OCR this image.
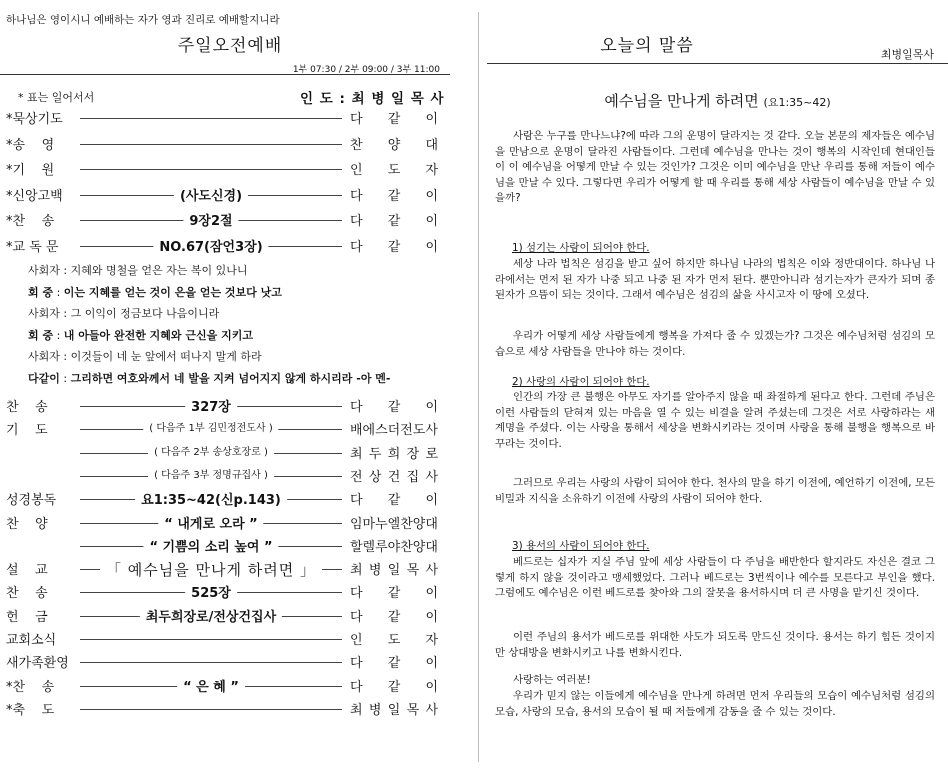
하나님은 영이시니 예배하는 자가 영과 진리로 예배할지니라
주일오전예배
1부 07:30 / 2부 09:00 / 3부 11:00
* 표는 일어서서	인 도 : 최 병 일 목 사
*묵상기도	다 같 이
*송    영	찬 양 대
*기    원	인 도 자
*신앙고백	(사도신경)	다 같 이
*찬    송	9장2절	다 같 이
*교 독 문	NO.67(잠언3장)	다 같 이
사회자 : 지혜와 명철을 얻은 자는 복이 있나니
회 중 : 이는 지혜를 얻는 것이 은을 얻는 것보다 낫고
사회자 : 그 이익이 정금보다 나음이니라
회 중 : 내 아들아 완전한 지혜와 근신을 지키고
사회자 : 이것들이 네 눈 앞에서 떠나지 말게 하라
다같이 : 그리하면 여호와께서 네 발을 지켜 넘어지지 않게 하시리라 -아 멘-
찬    송	327장	다 같 이
기    도	( 다음주 1부 김민정전도사 )	배에스더전도사
( 다음주 2부 송상호장로 )	최 두 희 장 로
( 다음주 3부 정명규집사 )	전 상 건 집 사
성경봉독	요1:35~42(신p.143)	다 같 이
찬    양	“ 내게로 오라 ”	임마누엘찬양대
“ 기쁨의 소리 높여 ”	할렐루야찬양대
설    교	「 예수님을 만나게 하려면 」	최 병 일 목 사
찬    송	525장	다 같 이
헌    금	최두희장로/전상건집사	다 같 이
교회소식	인 도 자
새가족환영	다 같 이
*찬    송	“ 은 혜 ”	다 같 이
*축    도	최 병 일 목 사
오늘의 말씀	최병일목사
예수님을 만나게 하려면 (요1:35~42)
사람은 누구를 만나느냐?에 따라 그의 운명이 달라지는 것 같다. 오늘 본문의 제자들은 예수님을 만남으로 운명이 달라진 사람들이다. 그런데 예수님을 만나는 것이 행복의 시작인데 현대인들이 이 예수님을 어떻게 만날 수 있는 것인가? 그것은 이미 예수님을 만난 우리를 통해 저들이 예수님을 만날 수 있다. 그렇다면 우리가 어떻게 할 때 우리를 통해 세상 사람들이 예수님을 만날 수 있을까?
1) 섬기는 사람이 되어야 한다.
세상 나라 법칙은 섬김을 받고 싶어 하지만 하나님 나라의 법칙은 이와 정반대이다. 하나님 나라에서는 먼저 된 자가 나중 되고 나중 된 자가 먼저 된다. 뿐만아니라 섬기는자가 큰자가 되며 종된자가 으뜸이 되는 것이다. 그래서 예수님은 섬김의 삶을 사시고자 이 땅에 오셨다.
우리가 어떻게 세상 사람들에게 행복을 가져다 줄 수 있겠는가? 그것은 예수님처럼 섬김의 모습으로 세상 사람들을 만나야 하는 것이다.
2) 사랑의 사람이 되어야 한다.
인간의 가장 큰 불행은 아무도 자기를 알아주지 않을 때 좌절하게 된다고 한다. 그런데 주님은 이런 사람들의 닫혀져 있는 마음을 열 수 있는 비결을 알려 주셨는데 그것은 서로 사랑하라는 새 계명을 주셨다. 이는 사랑을 통해서 세상을 변화시키라는 것이며 사랑을 통해 불행을 행복으로 바꾸라는 것이다.
그러므로 우리는 사랑의 사람이 되어야 한다. 천사의 말을 하기 이전에, 예언하기 이전에, 모든 비밀과 지식을 소유하기 이전에 사랑의 사람이 되어야 한다.
3) 용서의 사람이 되어야 한다.
베드로는 십자가 지실 주님 앞에 세상 사람들이 다 주님을 배반한다 할지라도 자신은 결코 그렇게 하지 않을 것이라고 맹세했었다. 그러나 베드로는 3번씩이나 예수를 모른다고 부인을 했다. 그럼에도 예수님은 이런 베드로를 찾아와 그의 잘못을 용서하시며 더 큰 사명을 맡기신 것이다.
이런 주님의 용서가 베드로를 위대한 사도가 되도록 만드신 것이다. 용서는 하기 힘든 것이지만 상대방을 변화시키고 나를 변화시킨다.
사랑하는 여러분!
우리가 믿지 않는 이들에게 예수님을 만나게 하려면 먼저 우리들의 모습이 예수님처럼 섬김의 모습, 사랑의 모습, 용서의 모습이 될 때 저들에게 감동을 줄 수 있는 것이다.
